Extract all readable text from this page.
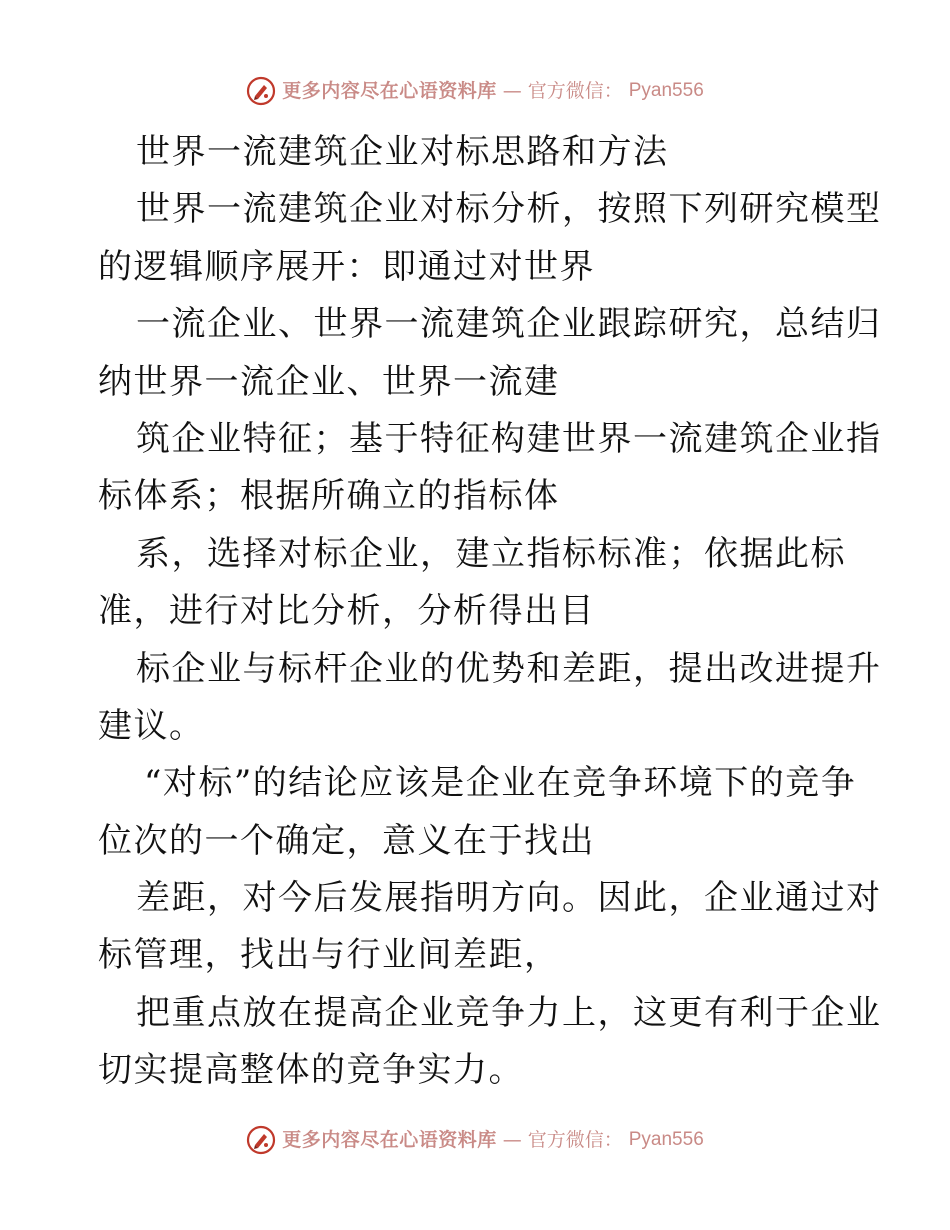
更多内容尽在心语资料库 — 官方微信： Pyan556
世界一流建筑企业对标思路和方法
世界一流建筑企业对标分析，按照下列研究模型
的逻辑顺序展开：即通过对世界
一流企业、世界一流建筑企业跟踪研究，总结归
纳世界一流企业、世界一流建
筑企业特征；基于特征构建世界一流建筑企业指
标体系；根据所确立的指标体
系，选择对标企业，建立指标标准；依据此标
准，进行对比分析，分析得出目
标企业与标杆企业的优势和差距，提出改进提升
建议。
“对标”的结论应该是企业在竞争环境下的竞争
位次的一个确定，意义在于找出
差距，对今后发展指明方向。因此，企业通过对
标管理，找出与行业间差距，
把重点放在提高企业竞争力上，这更有利于企业
切实提高整体的竞争实力。
更多内容尽在心语资料库 — 官方微信： Pyan556
